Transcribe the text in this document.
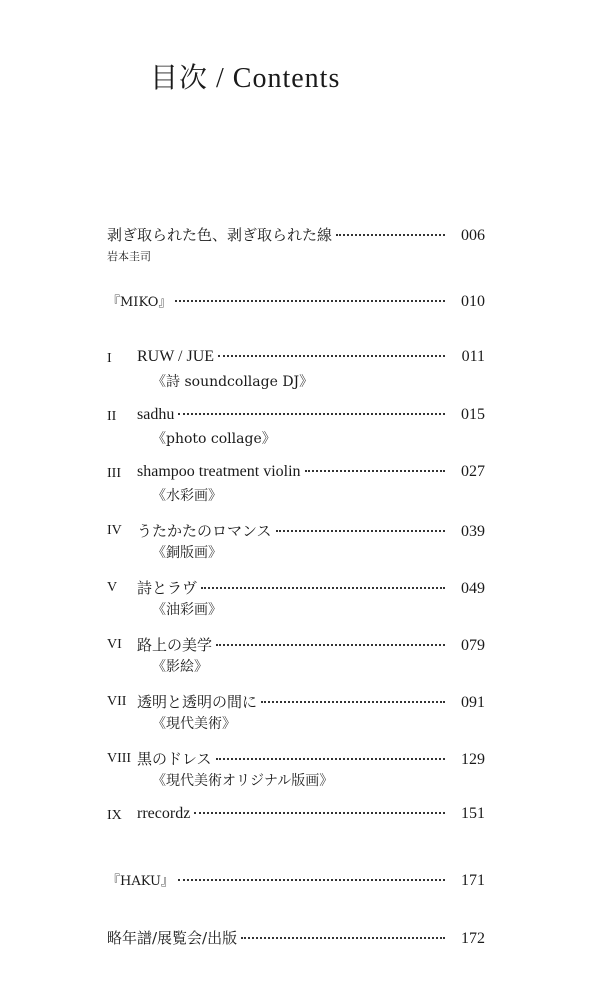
目次 / Contents
剥ぎ取られた色、剥ぎ取られた線	006
岩本圭司
『MIKO』	010
I RUW / JUE	011
《詩 soundcollage DJ》
II sadhu	015
《photo collage》
III shampoo treatment violin	027
《水彩画》
IV うたかたのロマンス	039
《銅版画》
V 詩とラヴ	049
《油彩画》
VI 路上の美学	079
《影絵》
VII 透明と透明の間に	091
《現代美術》
VIII 黒のドレス	129
《現代美術オリジナル版画》
IX rrecordz	151
『HAKU』	171
略年譜/展覧会/出版	172
